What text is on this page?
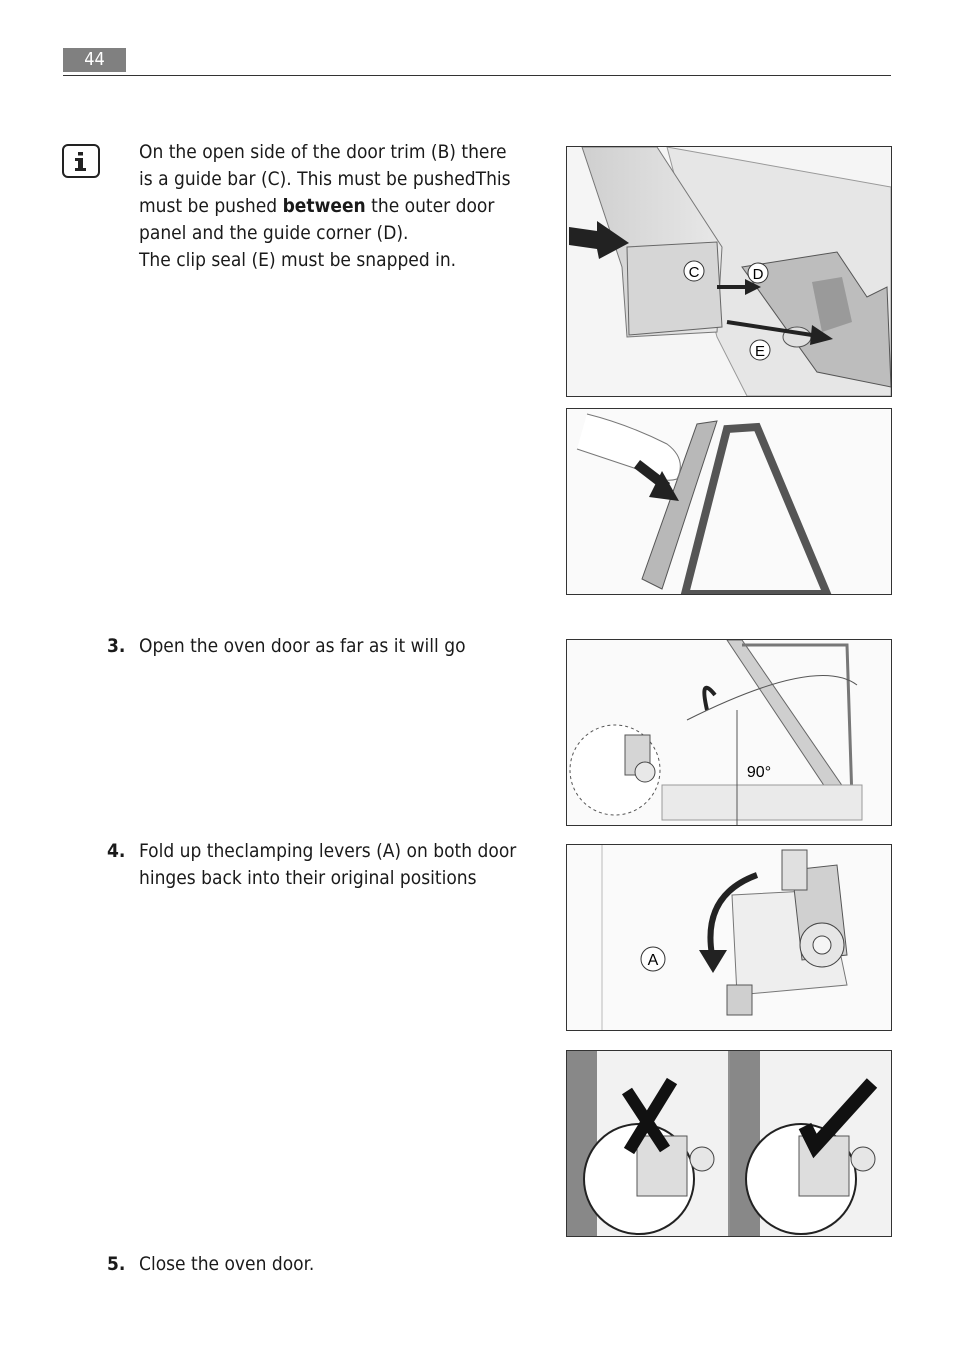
44
On the open side of the door trim (B) there
is a guide bar (C). This must be pushedThis
must be pushed between the outer door
panel and the guide corner (D).
The clip seal (E) must be snapped in.
3. Open the oven door as far as it will go
4. Fold up theclamping levers (A) on both door
hinges back into their original positions
5. Close the oven door.
C	D
E
90°
A
